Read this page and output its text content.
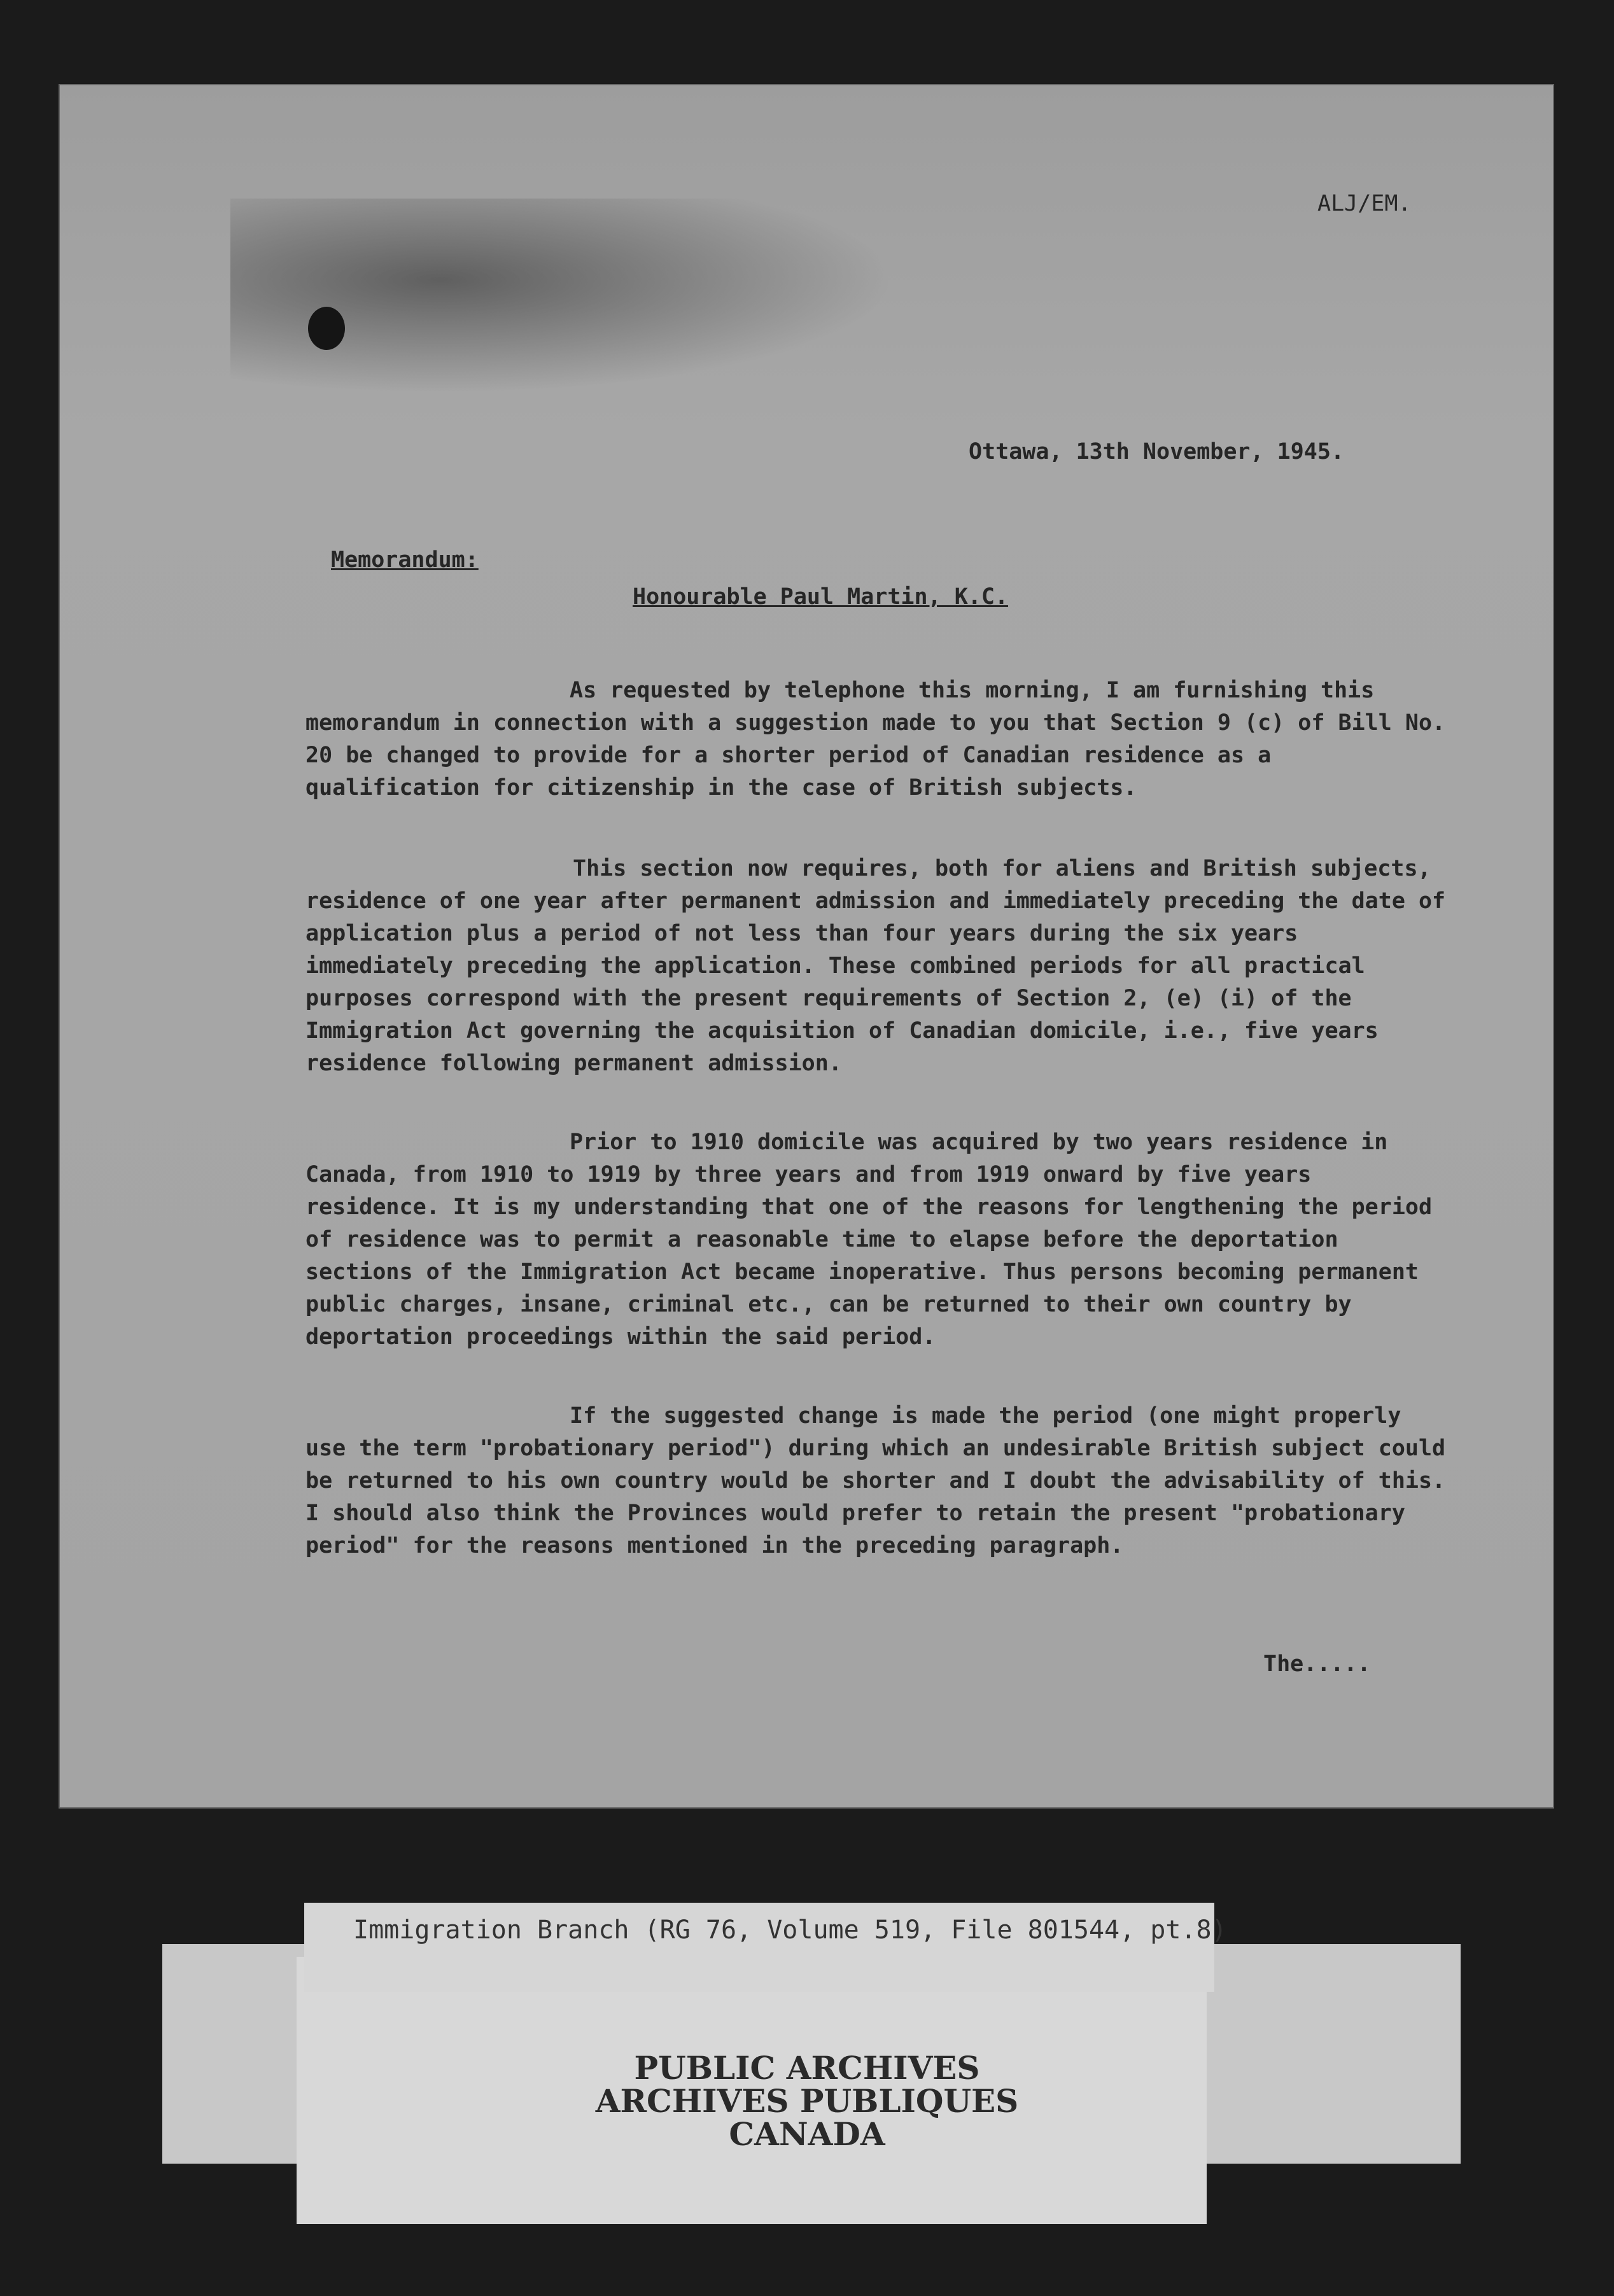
ALJ/EM.
Ottawa, 13th November, 1945.
Memorandum:
Honourable Paul Martin, K.C.

As requested by telephone this morning, I am furnishing this memorandum in connection with a suggestion made to you that Section 9 (c) of Bill No. 20 be changed to provide for a shorter period of Canadian residence as a qualification for citizenship in the case of British subjects.

This section now requires, both for aliens and British subjects, residence of one year after permanent admission and immediately preceding the date of application plus a period of not less than four years during the six years immediately preceding the application. These combined periods for all practical purposes correspond with the present requirements of Section 2, (e) (i) of the Immigration Act governing the acquisition of Canadian domicile, i.e., five years residence following permanent admission.

Prior to 1910 domicile was acquired by two years residence in Canada, from 1910 to 1919 by three years and from 1919 onward by five years residence. It is my understanding that one of the reasons for lengthening the period of residence was to permit a reasonable time to elapse before the deportation sections of the Immigration Act became inoperative. Thus persons becoming permanent public charges, insane, criminal etc., can be returned to their own country by deportation proceedings within the said period.

If the suggested change is made the period (one might properly use the term "probationary period") during which an undesirable British subject could be returned to his own country would be shorter and I doubt the advisability of this. I should also think the Provinces would prefer to retain the present "probationary period" for the reasons mentioned in the preceding paragraph.

The.....
Immigration Branch (RG 76, Volume 519, File 801544, pt.8)
PUBLIC ARCHIVES
ARCHIVES PUBLIQUES
CANADA
